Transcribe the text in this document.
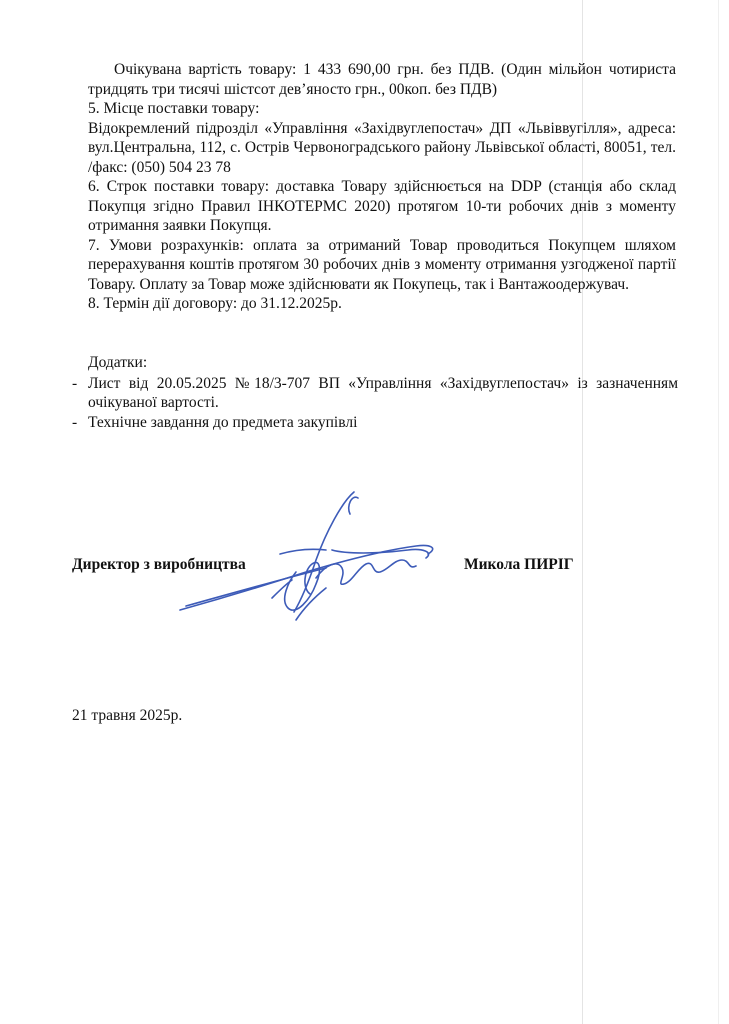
Очікувана вартість товару: 1 433 690,00 грн. без ПДВ. (Один мільйон чотириста тридцять три тисячі шістсот дев’яносто грн., 00коп. без ПДВ)

5. Місце поставки товару:

Відокремлений підрозділ «Управління «Західвуглепостач» ДП «Львіввугілля», адреса: вул.Центральна, 112, с. Острів Червоноградського району Львівської області, 80051, тел. /факс: (050) 504 23 78

6. Строк поставки товару: доставка Товару здійснюється на DDP (станція або склад Покупця згідно Правил ІНКОТЕРМС 2020) протягом 10-ти робочих днів з моменту отримання заявки Покупця.

7. Умови розрахунків: оплата за отриманий Товар проводиться Покупцем шляхом перерахування коштів протягом 30 робочих днів з моменту отримання узгодженої партії Товару. Оплату за Товар може здійснювати як Покупець, так і Вантажоодержувач.

8. Термін дії договору: до 31.12.2025р.

Додатки:

- Лист від 20.05.2025 №18/3-707 ВП «Управління «Західвуглепостач» із зазначенням очікуваної вартості.
- Технічне завдання до предмета закупівлі
Директор з виробництва	Микола ПИРІГ
21 травня 2025р.
